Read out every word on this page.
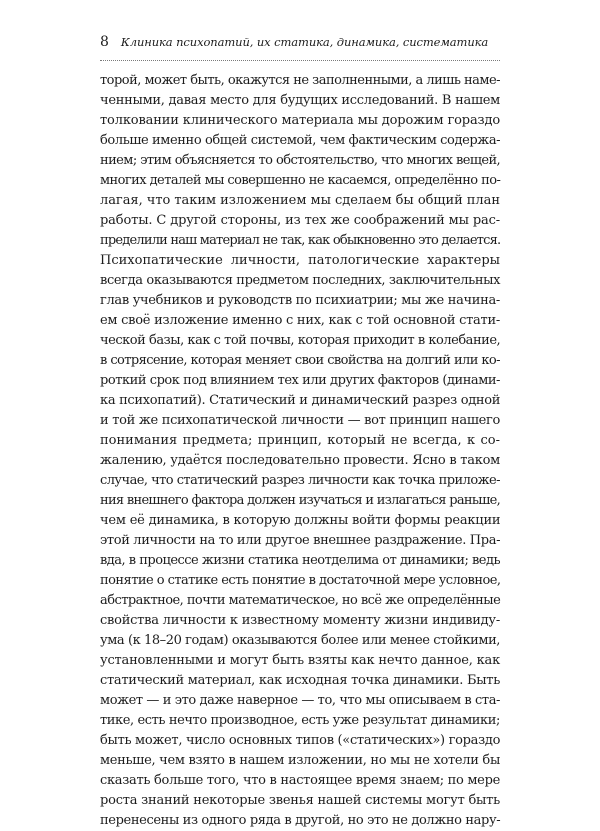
8 Клиника психопатий, их статика, динамика, систематика
торой, может быть, окажутся не заполненными, а лишь наме-
ченными, давая место для будущих исследований. В нашем
толковании клинического материала мы дорожим гораздо
больше именно общей системой, чем фактическим содержа-
нием; этим объясняется то обстоятельство, что многих вещей,
многих деталей мы совершенно не касаемся, определённо по-
лагая, что таким изложением мы сделаем бы общий план
работы. С другой стороны, из тех же соображений мы рас-
пределили наш материал не так, как обыкновенно это делается.
Психопатические личности, патологические характеры
всегда оказываются предметом последних, заключительных
глав учебников и руководств по психиатрии; мы же начина-
ем своё изложение именно с них, как с той основной стати-
ческой базы, как с той почвы, которая приходит в колебание,
в сотрясение, которая меняет свои свойства на долгий или ко-
роткий срок под влиянием тех или других факторов (динами-
ка психопатий). Статический и динамический разрез одной
и той же психопатической личности — вот принцип нашего
понимания предмета; принцип, который не всегда, к со-
жалению, удаётся последовательно провести. Ясно в таком
случае, что статический разрез личности как точка приложе-
ния внешнего фактора должен изучаться и излагаться раньше,
чем её динамика, в которую должны войти формы реакции
этой личности на то или другое внешнее раздражение. Пра-
вда, в процессе жизни статика неотделима от динамики; ведь
понятие о статике есть понятие в достаточной мере условное,
абстрактное, почти математическое, но всё же определённые
свойства личности к известному моменту жизни индивиду-
ума (к 18–20 годам) оказываются более или менее стойкими,
установленными и могут быть взяты как нечто данное, как
статический материал, как исходная точка динамики. Быть
может — и это даже наверное — то, что мы описываем в ста-
тике, есть нечто производное, есть уже результат динамики;
быть может, число основных типов («статических») гораздо
меньше, чем взято в нашем изложении, но мы не хотели бы
сказать больше того, что в настоящее время знаем; по мере
роста знаний некоторые звенья нашей системы могут быть
перенесены из одного ряда в другой, но это не должно нару-
